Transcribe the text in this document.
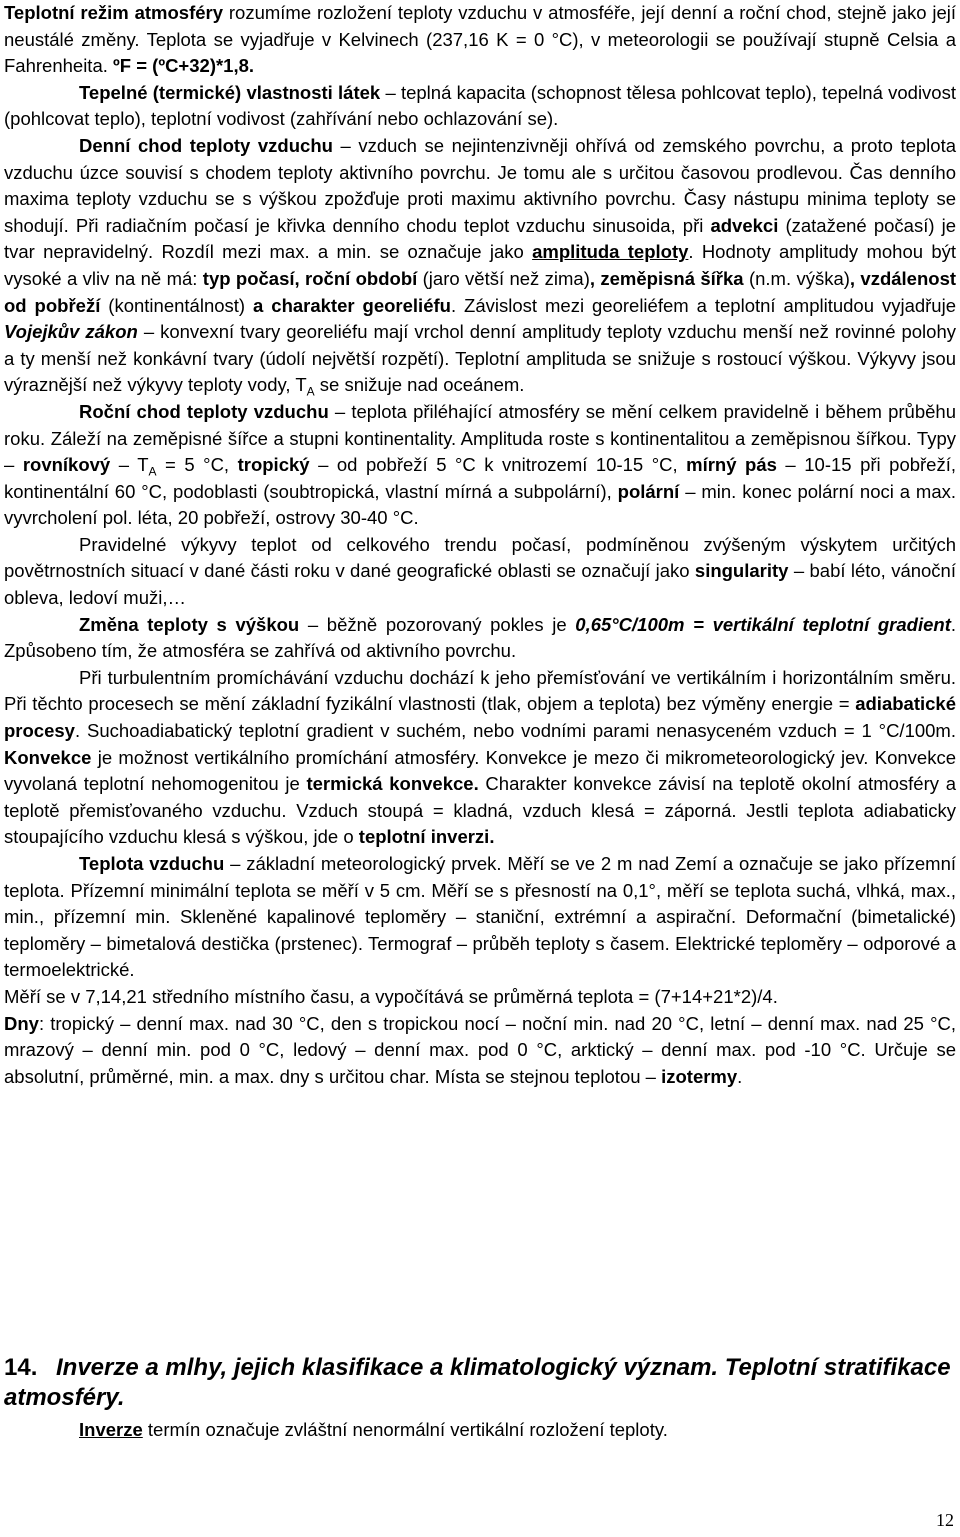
Teplotní režim atmosféry rozumíme rozložení teploty vzduchu v atmosféře, její denní a roční chod, stejně jako její neustálé změny. Teplota se vyjadřuje v Kelvinech (237,16 K = 0 °C), v meteorologii se používají stupně Celsia a Fahrenheita. ºF = (ºC+32)*1,8.

Tepelné (termické) vlastnosti látek – teplná kapacita (schopnost tělesa pohlcovat teplo), tepelná vodivost (pohlcovat teplo), teplotní vodivost (zahřívání nebo ochlazování se).

Denní chod teploty vzduchu – vzduch se nejintenzivněji ohřívá od zemského povrchu, a proto teplota vzduchu úzce souvisí s chodem teploty aktivního povrchu. Je tomu ale s určitou časovou prodlevou. Čas denního maxima teploty vzduchu se s výškou zpožďuje proti maximu aktivního povrchu. Časy nástupu minima teploty se shodují. Při radiačním počasí je křivka denního chodu teplot vzduchu sinusoida, při advekci (zatažené počasí) je tvar nepravidelný. Rozdíl mezi max. a min. se označuje jako amplituda teploty. Hodnoty amplitudy mohou být vysoké a vliv na ně má: typ počasí, roční období (jaro větší než zima), zeměpisná šířka (n.m. výška), vzdálenost od pobřeží (kontinentálnost) a charakter georeliéfu. Závislost mezi georeliéfem a teplotní amplitudou vyjadřuje Vojejkův zákon – konvexní tvary georeliéfu mají vrchol denní amplitudy teploty vzduchu menší než rovinné polohy a ty menší než konkávní tvary (údolí největší rozpětí). Teplotní amplituda se snižuje s rostoucí výškou. Výkyvy jsou výraznější než výkyvy teploty vody, $T_A$ se snižuje nad oceánem.

Roční chod teploty vzduchu – teplota přiléhající atmosféry se mění celkem pravidelně i během průběhu roku. Záleží na zeměpisné šířce a stupni kontinentality. Amplituda roste s kontinentalitou a zeměpisnou šířkou. Typy – rovníkový – $T_A = 5$ °C, tropický – od pobřeží 5 °C k vnitrozemí 10-15 °C, mírný pás – 10-15 při pobřeží, kontinentální 60 °C, podoblasti (soubtropická, vlastní mírná a subpolární), polární – min. konec polární noci a max. vyvrcholení pol. léta, 20 pobřeží, ostrovy 30-40 °C.

Pravidelné výkyvy teplot od celkového trendu počasí, podmíněnou zvýšeným výskytem určitých povětrnostních situací v dané části roku v dané geografické oblasti se označují jako singularity – babí léto, vánoční obleva, ledoví muži,…

Změna teploty s výškou – běžně pozorovaný pokles je 0,65°C/100m = vertikální teplotní gradient. Způsobeno tím, že atmosféra se zahřívá od aktivního povrchu.

Při turbulentním promíchávání vzduchu dochází k jeho přemísťování ve vertikálním i horizontálním směru. Při těchto procesech se mění základní fyzikální vlastnosti (tlak, objem a teplota) bez výměny energie = adiabatické procesy. Suchoadiabatický teplotní gradient v suchém, nebo vodními parami nenasyceném vzduch = 1 °C/100m. Konvekce je možnost vertikálního promíchání atmosféry. Konvekce je mezo či mikrometeorologický jev. Konvekce vyvolaná teplotní nehomogenitou je termická konvekce. Charakter konvekce závisí na teplotě okolní atmosféry a teplotě přemisťovaného vzduchu. Vzduch stoupá = kladná, vzduch klesá = záporná. Jestli teplota adiabaticky stoupajícího vzduchu klesá s výškou, jde o teplotní inverzi.

Teplota vzduchu – základní meteorologický prvek. Měří se ve 2 m nad Zemí a označuje se jako přízemní teplota. Přízemní minimální teplota se měří v 5 cm. Měří se s přesností na 0,1°, měří se teplota suchá, vlhká, max., min., přízemní min. Skleněné kapalinové teploměry – staniční, extrémní a aspirační. Deformační (bimetalické) teploměry – bimetalová destička (prstenec). Termograf – průběh teploty s časem. Elektrické teploměry – odporové a termoelektrické.

Měří se v 7,14,21 středního místního času, a vypočítává se průměrná teplota = (7+14+21*2)/4.

Dny: tropický – denní max. nad 30 °C, den s tropickou nocí – noční min. nad 20 °C, letní – denní max. nad 25 °C, mrazový – denní min. pod 0 °C, ledový – denní max. pod 0 °C, arktický – denní max. pod -10 °C. Určuje se absolutní, průměrné, min. a max. dny s určitou char. Místa se stejnou teplotou – izotermy.

14. Inverze a mlhy, jejich klasifikace a klimatologický význam. Teplotní stratifikace atmosféry.

Inverze termín označuje zvláštní nenormální vertikální rozložení teploty.

12
